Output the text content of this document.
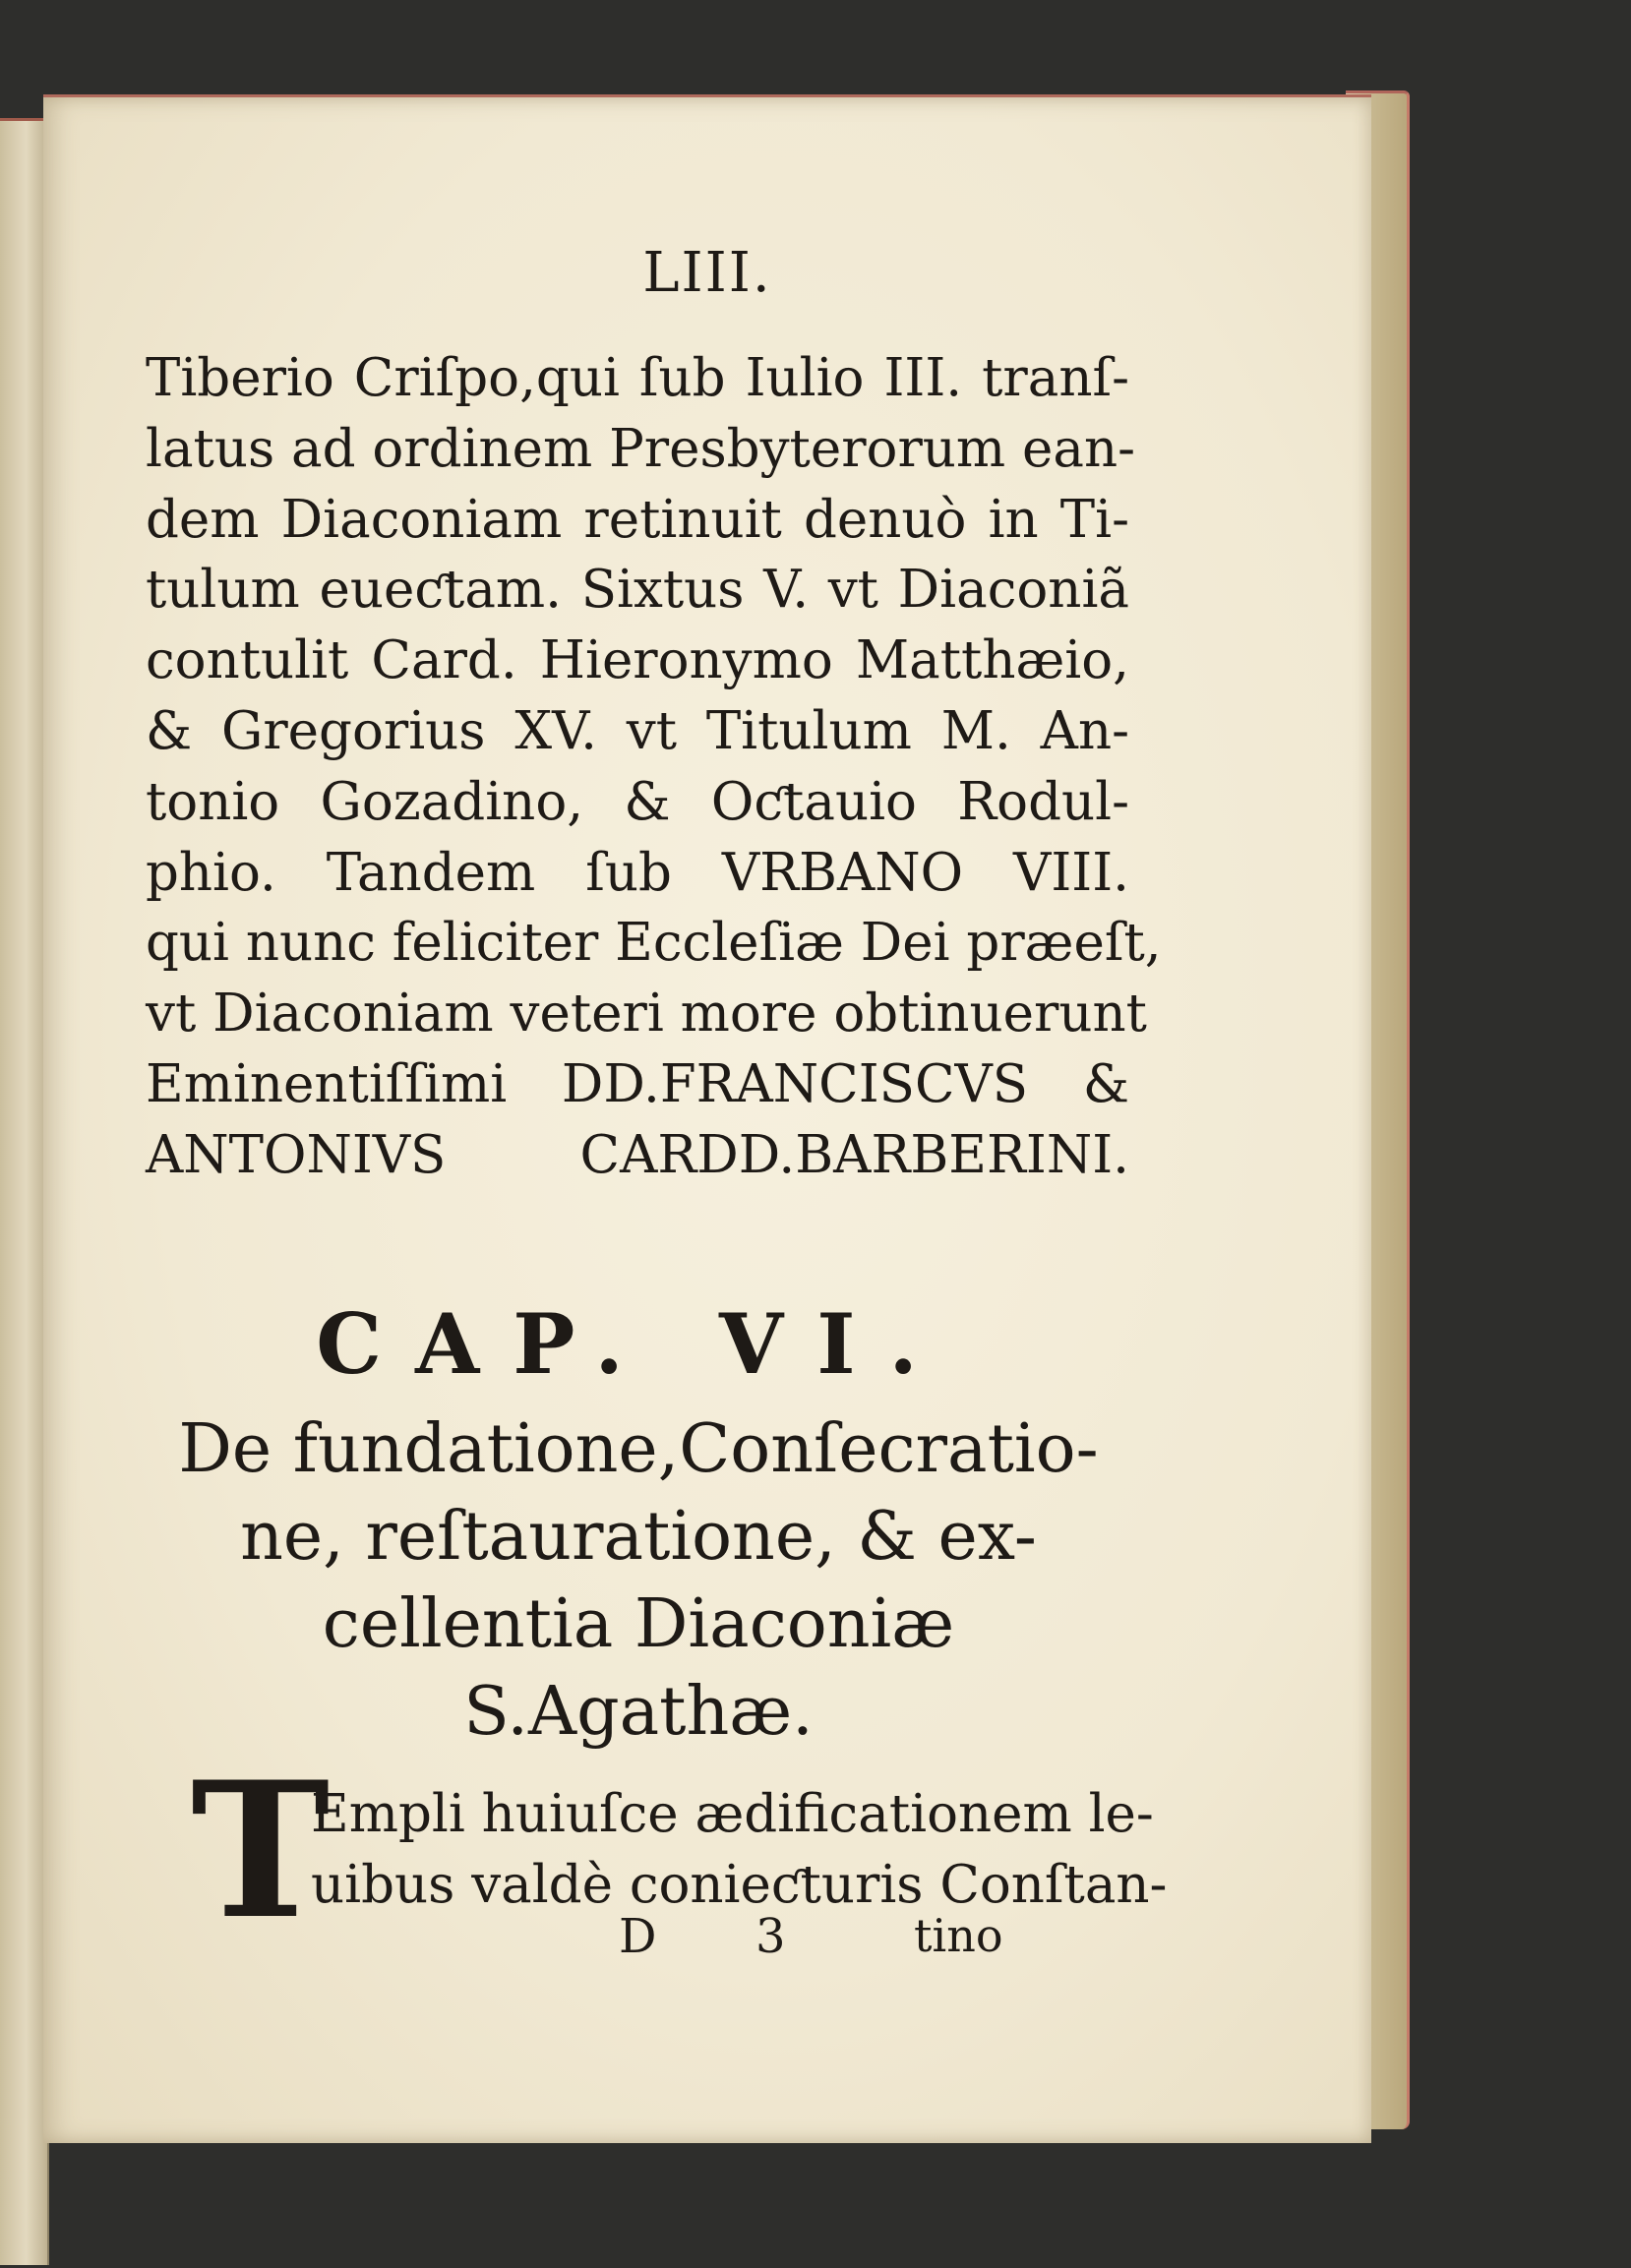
LIII.
Tiberio Criſpo,qui ſub Iulio III. tranſ-
latus ad ordinem Presbyterorum ean-
dem Diaconiam retinuit denuò in Ti-
tulum eueƈtam. Sixtus V. vt Diaconiã
contulit Card. Hieronymo Matthæio,
& Gregorius XV. vt Titulum M. An-
tonio Gozadino, & Oƈtauio Rodul-
phio. Tandem ſub VRBANO VIII.
qui nunc feliciter Eccleſiæ Dei præeſt,
vt Diaconiam veteri more obtinuerunt
Eminentiſſimi DD.FRANCISCVS &
ANTONIVS CARDD.BARBERINI.
CAP. VI.
De fundatione,Conſecratio-
ne, reſtauratione, & ex-
cellentia Diaconiæ
S.Agathæ.
T
Empli huiuſce ædificationem le-
uibus valdè conieƈturis Conſtan-
D 3	tino
